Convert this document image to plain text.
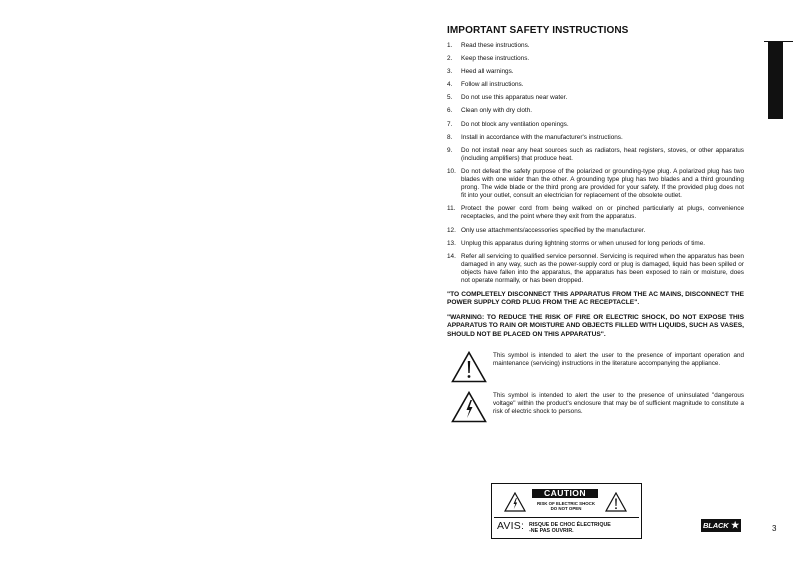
IMPORTANT SAFETY INSTRUCTIONS
1. Read these instructions.
2. Keep these instructions.
3. Heed all warnings.
4. Follow all instructions.
5. Do not use this apparatus near water.
6. Clean only with dry cloth.
7. Do not block any ventilation openings.
8. Install in accordance with the manufacturer's instructions.
9. Do not install near any heat sources such as radiators, heat registers, stoves, or other apparatus (including amplifiers) that produce heat.
10. Do not defeat the safety purpose of the polarized or grounding-type plug. A polarized plug has two blades with one wider than the other. A grounding type plug has two blades and a third grounding prong. The wide blade or the third prong are provided for your safety. If the provided plug does not fit into your outlet, consult an electrician for replacement of the obsolete outlet.
11. Protect the power cord from being walked on or pinched particularly at plugs, convenience receptacles, and the point where they exit from the apparatus.
12. Only use attachments/accessories specified by the manufacturer.
13. Unplug this apparatus during lightning storms or when unused for long periods of time.
14. Refer all servicing to qualified service personnel. Servicing is required when the apparatus has been damaged in any way, such as the power-supply cord or plug is damaged, liquid has been spilled or objects have fallen into the apparatus, the apparatus has been exposed to rain or moisture, does not operate normally, or has been dropped.
"TO COMPLETELY DISCONNECT THIS APPARATUS FROM THE AC MAINS, DISCONNECT THE POWER SUPPLY CORD PLUG FROM THE AC RECEPTACLE".
"WARNING: TO REDUCE THE RISK OF FIRE OR ELECTRIC SHOCK, DO NOT EXPOSE THIS APPARATUS TO RAIN OR MOISTURE AND OBJECTS FILLED WITH LIQUIDS, SUCH AS VASES, SHOULD NOT BE PLACED ON THIS APPARATUS".
This symbol is intended to alert the user to the presence of important operation and maintenance (servicing) instructions in the literature accompanying the appliance.
This symbol is intended to alert the user to the presence of uninsulated "dangerous voltage" within the product's enclosure that may be of sufficient magnitude to constitute a risk of electric shock to persons.
CAUTION
RISK OF ELECTRIC SHOCK
DO NOT OPEN
AVIS: RISQUE DE CHOC ÉLECTRIQUE
-NE PAS OUVRIR.
USA / Canada
BLACK ★	3
